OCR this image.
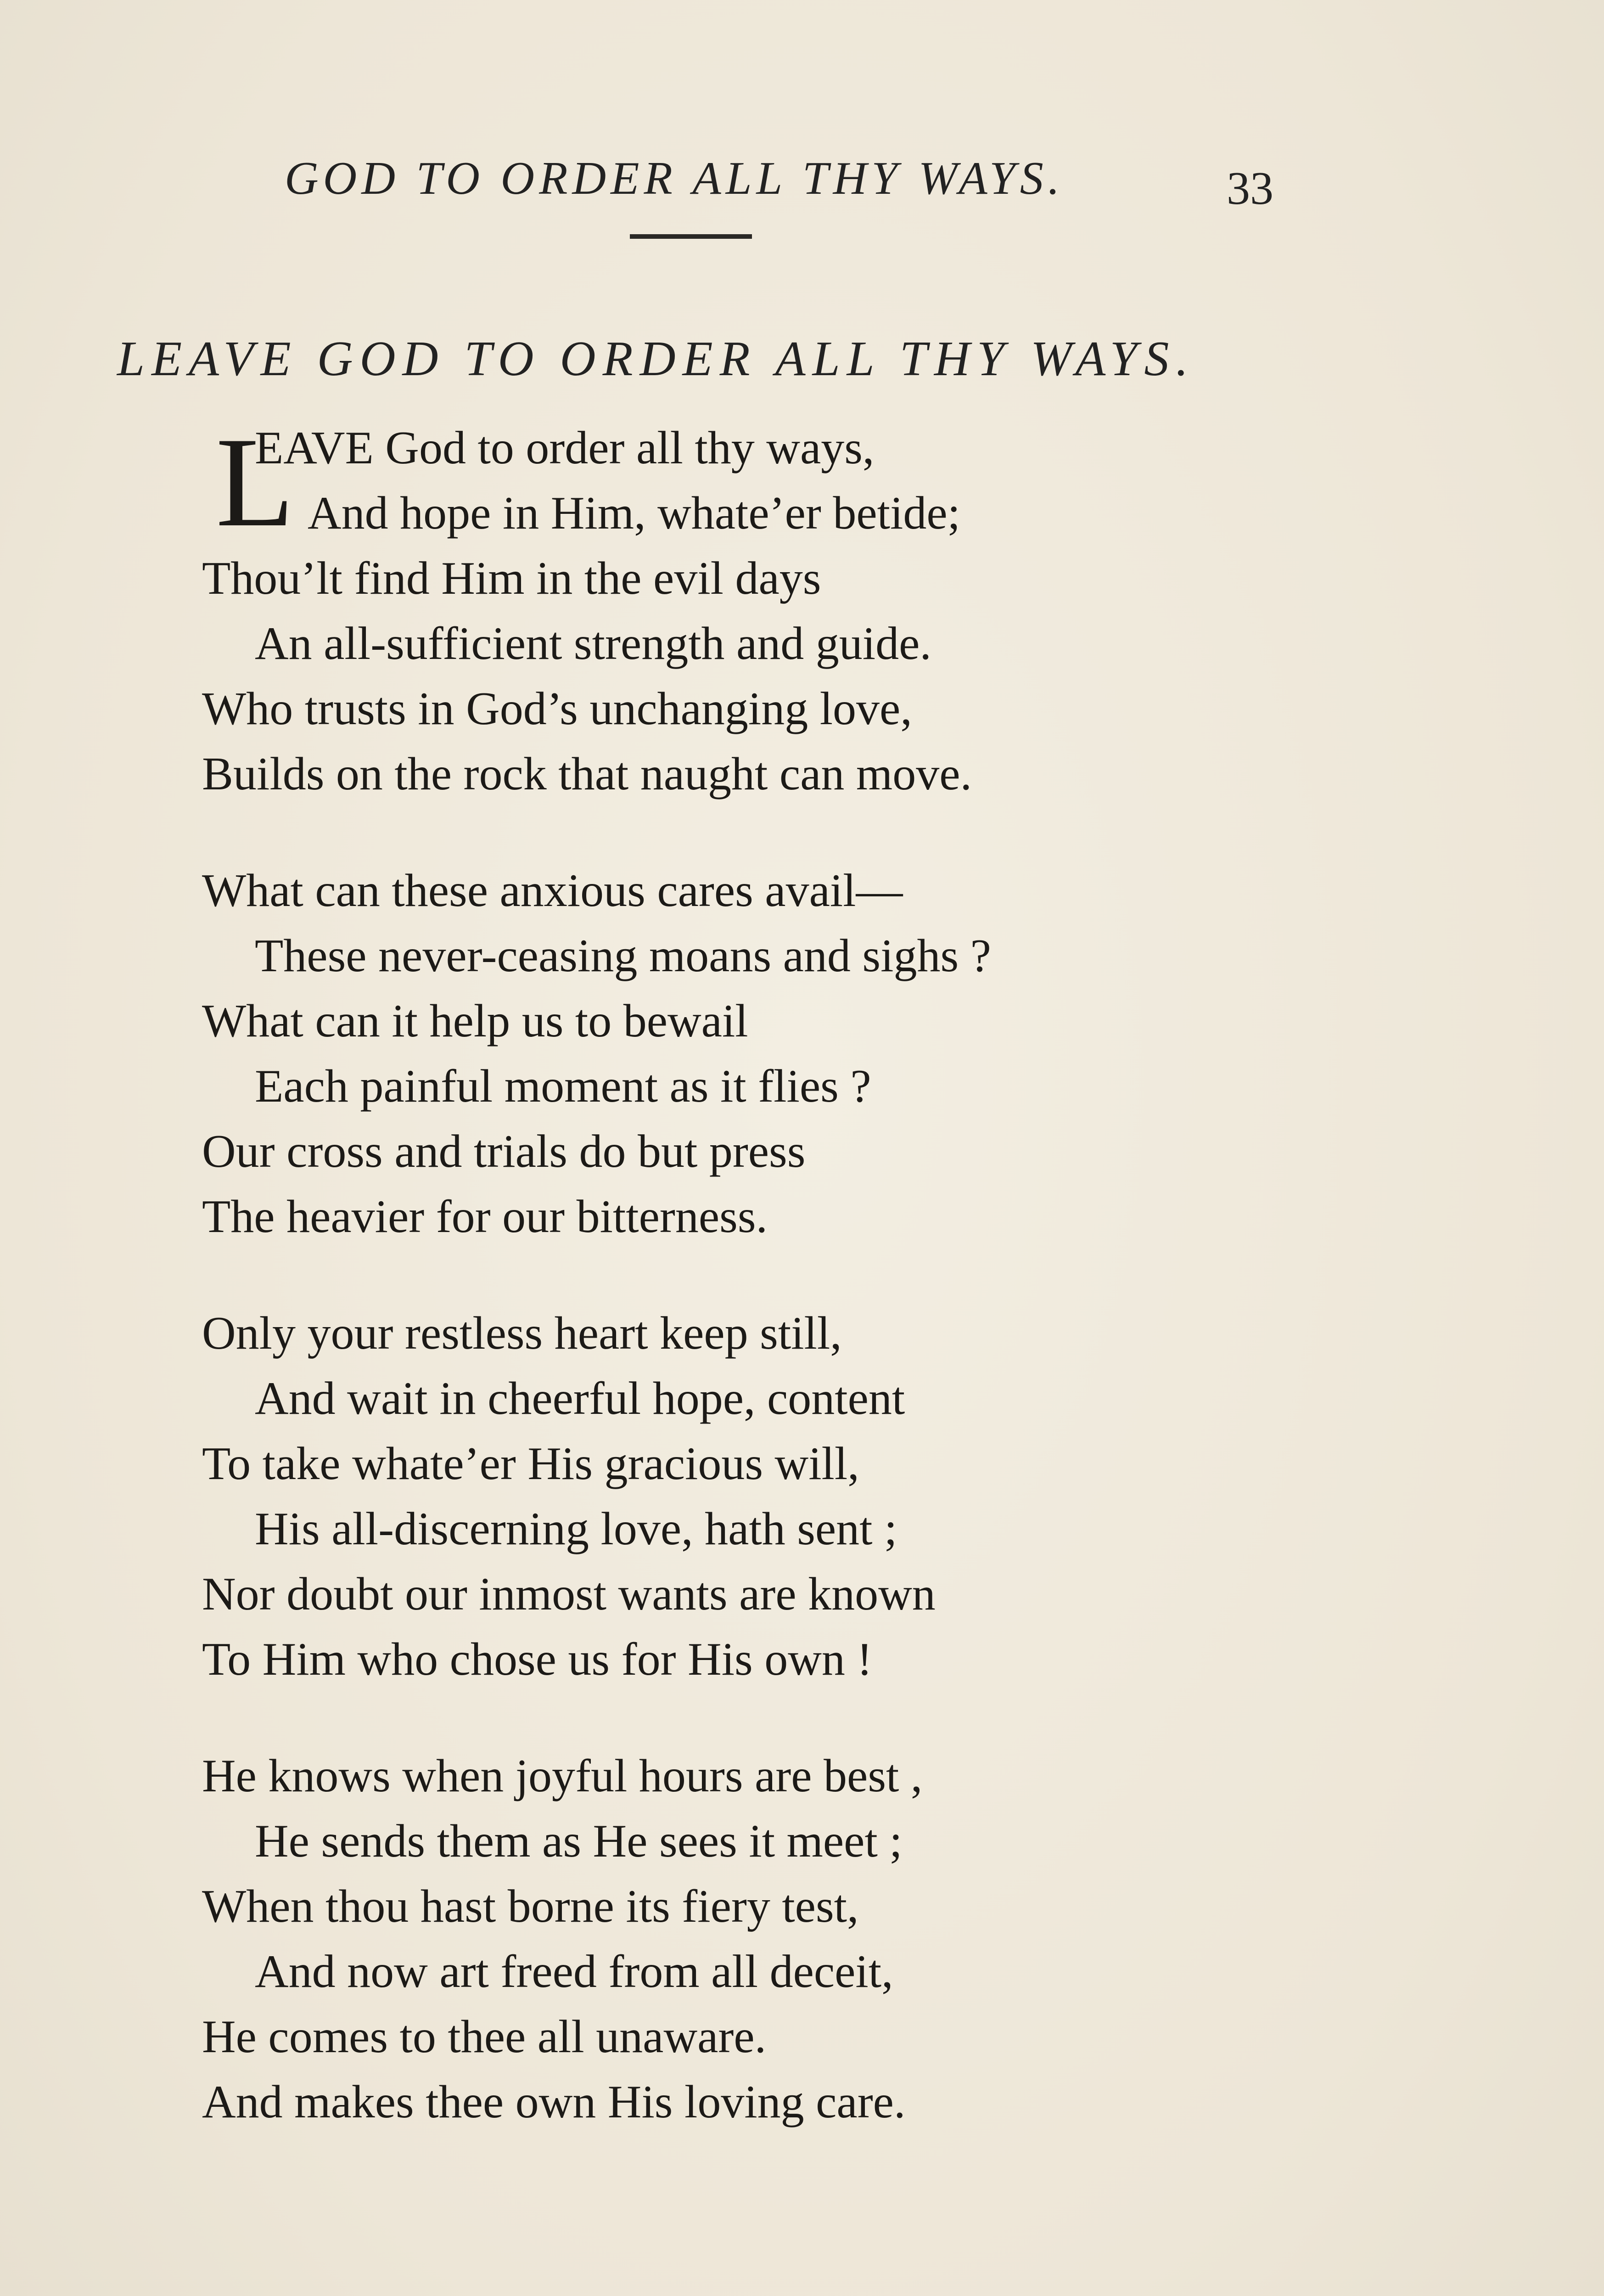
GOD TO ORDER ALL THY WAYS.	33
LEAVE GOD TO ORDER ALL THY WAYS.
L
EAVE God to order all thy ways,
And hope in Him, whate’er betide;
Thou’lt find Him in the evil days
An all-sufficient strength and guide.
Who trusts in God’s unchanging love,
Builds on the rock that naught can move.
What can these anxious cares avail—
These never-ceasing moans and sighs ?
What can it help us to bewail
Each painful moment as it flies ?
Our cross and trials do but press
The heavier for our bitterness.
Only your restless heart keep still,
And wait in cheerful hope, content
To take whate’er His gracious will,
His all-discerning love, hath sent ;
Nor doubt our inmost wants are known
To Him who chose us for His own !
He knows when joyful hours are best ,
He sends them as He sees it meet ;
When thou hast borne its fiery test,
And now art freed from all deceit,
He comes to thee all unaware.
And makes thee own His loving care.
